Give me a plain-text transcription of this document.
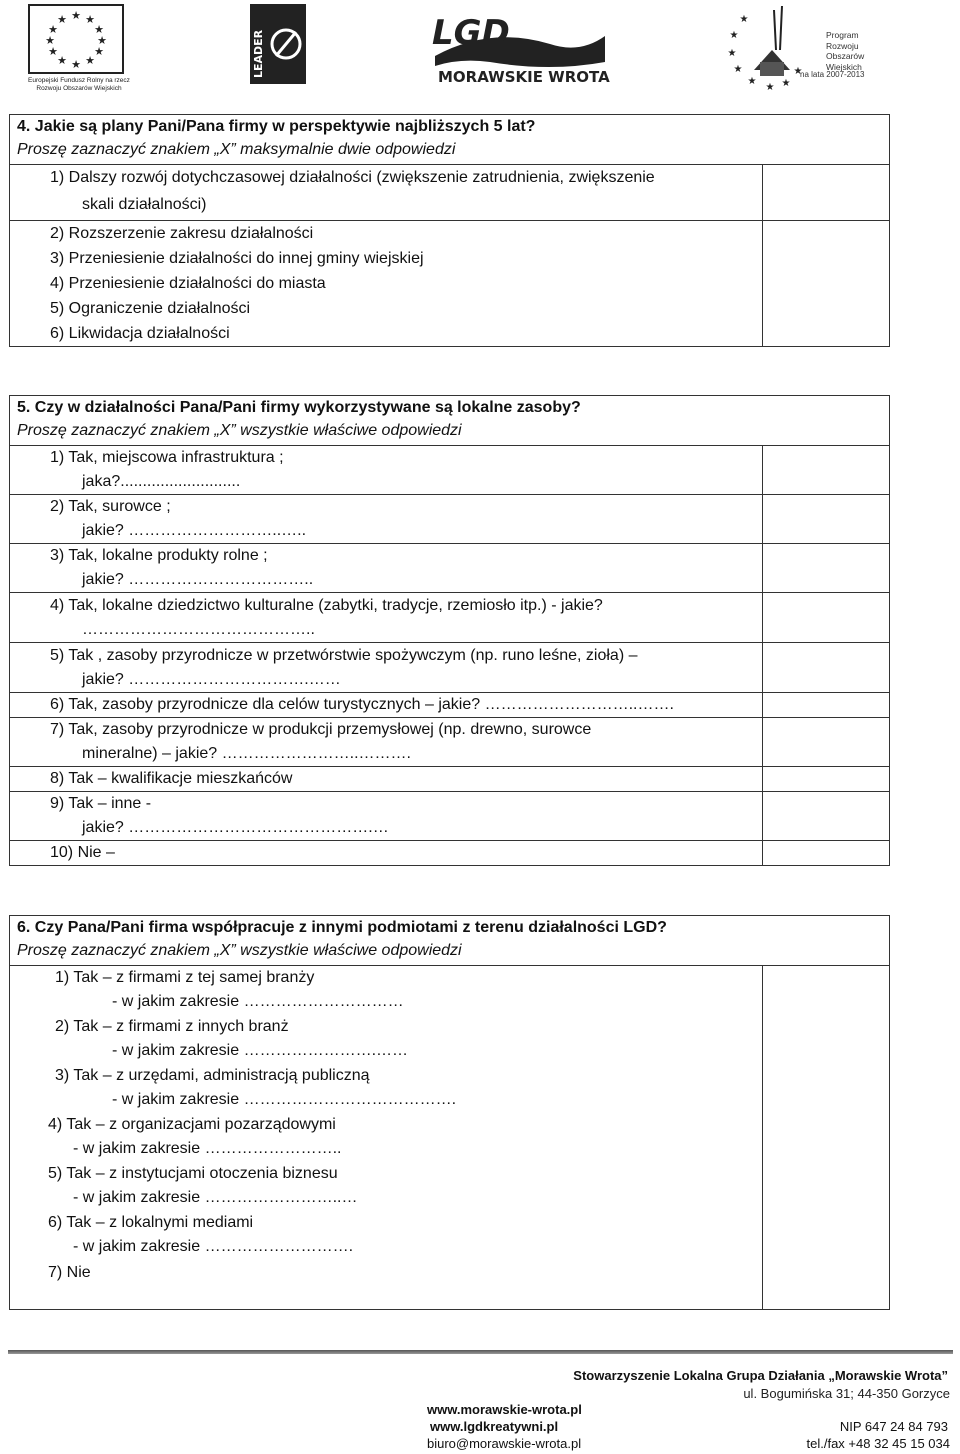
★ ★
★
★
★
★
★
★
★
★
★
★
Europejski Fundusz Rolny na rzecz
Rozwoju Obszarów Wiejskich
LEADER	LGD
MORAWSKIE WROTA
★
★
★
★
★
★ ★
★
Program
Rozwoju
Obszarów
Wiejskich
na lata 2007-2013
4. Jakie są plany Pani/Pana firmy w perspektywie najbliższych 5 lat?
Proszę zaznaczyć znakiem „X” maksymalnie dwie odpowiedzi
1) Dalszy rozwój dotychczasowej działalności (zwiększenie zatrudnienia, zwiększenie
skali działalności)
2) Rozszerzenie zakresu działalności
3) Przeniesienie działalności do innej gminy wiejskiej
4) Przeniesienie działalności do miasta
5) Ograniczenie działalności
6) Likwidacja działalności
5. Czy w działalności Pana/Pani firmy wykorzystywane są lokalne zasoby?
Proszę zaznaczyć znakiem „X” wszystkie właściwe odpowiedzi
1) Tak, miejscowa infrastruktura ;
jaka?...........................
2) Tak, surowce ;
jakie? ………………………..…..
3) Tak, lokalne produkty rolne ;
jakie? ……………………………..
4) Tak, lokalne dziedzictwo kulturalne (zabytki, tradycje, rzemiosło itp.) - jakie?
……………………………………..
5) Tak , zasoby przyrodnicze w przetwórstwie spożywczym (np. runo leśne, zioła) –
jakie? …………………………….……
6) Tak, zasoby przyrodnicze dla celów turystycznych – jakie? ………………………..…….
7) Tak, zasoby przyrodnicze w produkcji przemysłowej (np. drewno, surowce
mineralne) – jakie? ……………………..……….
8) Tak – kwalifikacje mieszkańców
9) Tak – inne -
jakie? ……………………………………….…
10) Nie –
6. Czy Pana/Pani firma współpracuje z innymi podmiotami z terenu działalności LGD?
Proszę zaznaczyć znakiem „X” wszystkie właściwe odpowiedzi
1) Tak – z firmami z tej samej branży
- w jakim zakresie …………………………
2) Tak – z firmami z innych branż
- w jakim zakresie …………………….……
3) Tak – z urzędami, administracją publiczną
- w jakim zakresie ………………………………….
4) Tak – z organizacjami pozarządowymi
- w jakim zakresie ……………………..
5) Tak – z instytucjami otoczenia biznesu
- w jakim zakresie ……………………..…
6) Tak – z lokalnymi mediami
- w jakim zakresie ……………………….
7) Nie
Stowarzyszenie Lokalna Grupa Działania „Morawskie Wrota”
ul. Bogumińska 31; 44-350 Gorzyce
www.morawskie-wrota.pl
www.lgdkreatywni.pl
biuro@morawskie-wrota.pl
NIP 647 24 84 793
tel./fax +48 32 45 15 034
